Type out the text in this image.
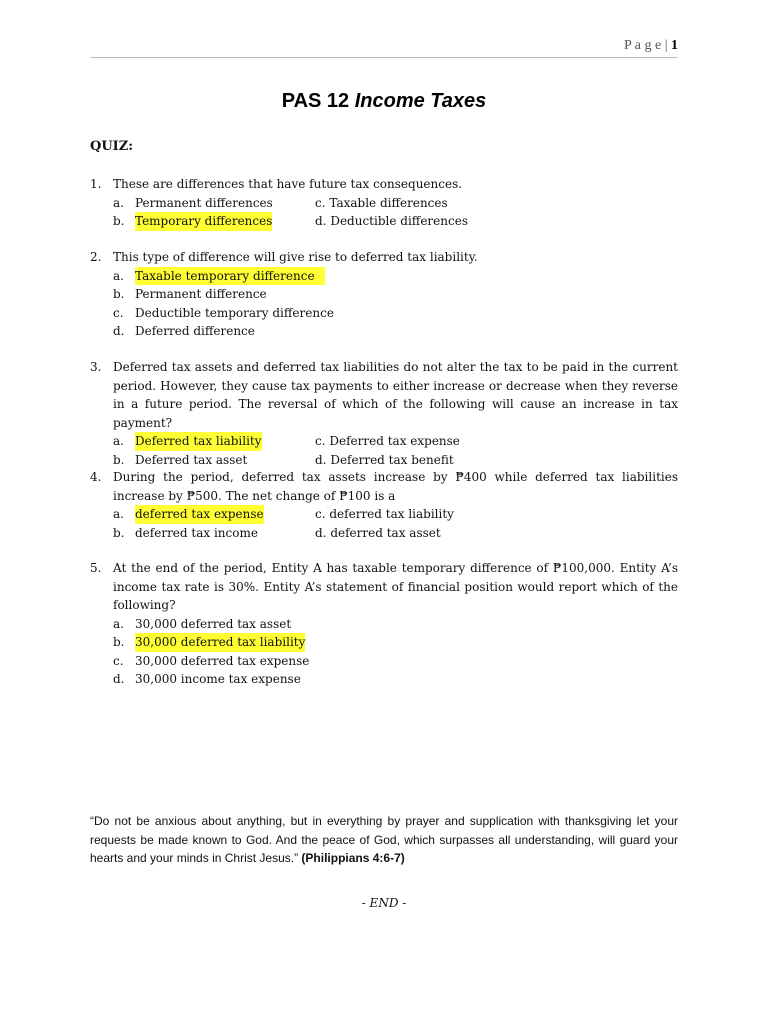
P a g e | 1
PAS 12 Income Taxes
QUIZ:
1. These are differences that have future tax consequences.
a. Permanent differences	c. Taxable differences
b. Temporary differences	d. Deductible differences
2. This type of difference will give rise to deferred tax liability.
a. Taxable temporary difference
b. Permanent difference
c. Deductible temporary difference
d. Deferred difference
3. Deferred tax assets and deferred tax liabilities do not alter the tax to be paid in the current period. However, they cause tax payments to either increase or decrease when they reverse in a future period. The reversal of which of the following will cause an increase in tax payment?
a. Deferred tax liability	c. Deferred tax expense
b. Deferred tax asset	d. Deferred tax benefit
4. During the period, deferred tax assets increase by ₱400 while deferred tax liabilities increase by ₱500. The net change of ₱100 is a
a. deferred tax expense	c. deferred tax liability
b. deferred tax income	d. deferred tax asset
5. At the end of the period, Entity A has taxable temporary difference of ₱100,000. Entity A’s income tax rate is 30%. Entity A’s statement of financial position would report which of the following?
a. 30,000 deferred tax asset
b. 30,000 deferred tax liability
c. 30,000 deferred tax expense
d. 30,000 income tax expense
“Do not be anxious about anything, but in everything by prayer and supplication with thanksgiving let your requests be made known to God. And the peace of God, which surpasses all understanding, will guard your hearts and your minds in Christ Jesus.” (Philippians 4:6-7)
- END -
